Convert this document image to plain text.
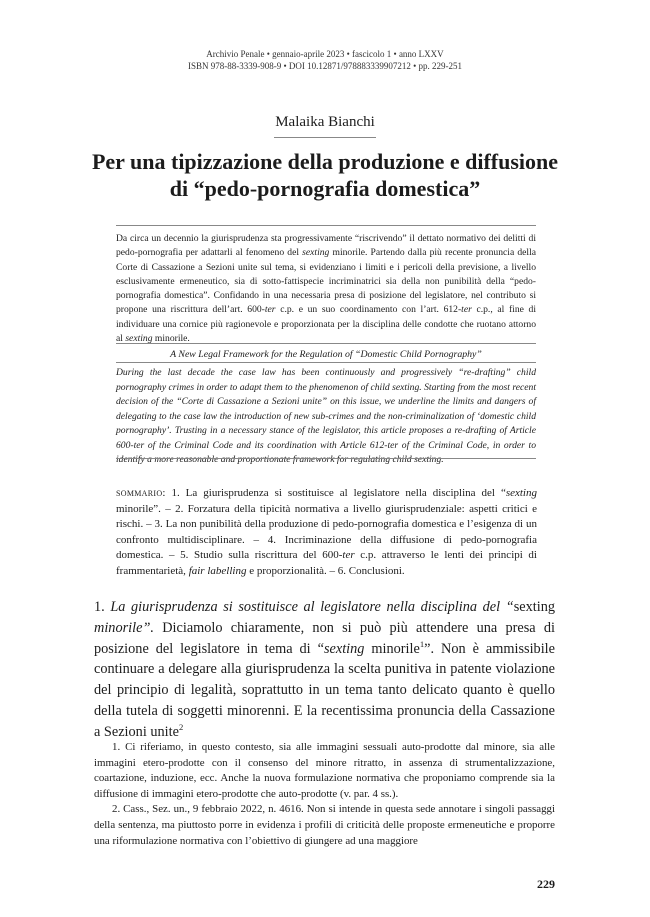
Archivio Penale • gennaio-aprile 2023 • fascicolo 1 • anno LXXV
ISBN 978-88-3339-908-9 • DOI 10.12871/978883339907212 • pp. 229-251
Malaika Bianchi
Per una tipizzazione della produzione e diffusione
di “pedo-pornografia domestica”
Da circa un decennio la giurisprudenza sta progressivamente “riscrivendo” il dettato normativo dei delitti di pedo-pornografia per adattarli al fenomeno del sexting minorile. Partendo dalla più recente pronuncia della Corte di Cassazione a Sezioni unite sul tema, si evidenziano i limiti e i pericoli della previsione, a livello esclusivamente ermeneutico, sia di sotto-fattispecie incriminatrici sia della non punibilità della “pedo-pornografia domestica”. Confidando in una necessaria presa di posizione del legislatore, nel contributo si propone una riscrittura dell’art. 600-ter c.p. e un suo coordinamento con l’art. 612-ter c.p., al fine di individuare una cornice più ragionevole e proporzionata per la disciplina delle condotte che ruotano attorno al sexting minorile.
A New Legal Framework for the Regulation of “Domestic Child Pornography”
During the last decade the case law has been continuously and progressively “re-drafting” child pornography crimes in order to adapt them to the phenomenon of child sexting. Starting from the most recent decision of the “Corte di Cassazione a Sezioni unite” on this issue, we underline the limits and dangers of delegating to the case law the introduction of new sub-crimes and the non-criminalization of ‘domestic child pornography’. Trusting in a necessary stance of the legislator, this article proposes a re-drafting of Article 600-ter of the Criminal Code and its coordination with Article 612-ter of the Criminal Code, in order to identify a more reasonable and proportionate framework for regulating child sexting.
sommario: 1. La giurisprudenza si sostituisce al legislatore nella disciplina del “sexting minorile”. – 2. Forzatura della tipicità normativa a livello giurisprudenziale: aspetti critici e rischi. – 3. La non punibilità della produzione di pedo-pornografia domestica e l’esigenza di un confronto multidisciplinare. – 4. Incriminazione della diffusione di pedo-pornografia domestica. – 5. Studio sulla riscrittura del 600-ter c.p. attraverso le lenti dei principi di frammentarietà, fair labelling e proporzionalità. – 6. Conclusioni.
1. La giurisprudenza si sostituisce al legislatore nella disciplina del “sexting minorile”. Diciamolo chiaramente, non si può più attendere una presa di posizione del legislatore in tema di “sexting minorile$^1$”. Non è ammissibile continuare a delegare alla giurisprudenza la scelta punitiva in patente violazione del principio di legalità, soprattutto in un tema tanto delicato quanto è quello della tutela di soggetti minorenni. E la recentissima pronuncia della Cassazione a Sezioni unite$^2$

1. Ci riferiamo, in questo contesto, sia alle immagini sessuali auto-prodotte dal minore, sia alle immagini etero-prodotte con il consenso del minore ritratto, in assenza di strumentalizzazione, coartazione, induzione, ecc. Anche la nuova formulazione normativa che proponiamo comprende sia la diffusione di immagini etero-prodotte che auto-prodotte (v. par. 4 ss.).

2. Cass., Sez. un., 9 febbraio 2022, n. 4616. Non si intende in questa sede annotare i singoli passaggi della sentenza, ma piuttosto porre in evidenza i profili di criticità delle proposte ermeneutiche e proporre una riformulazione normativa con l’obiettivo di giungere ad una maggiore

229
